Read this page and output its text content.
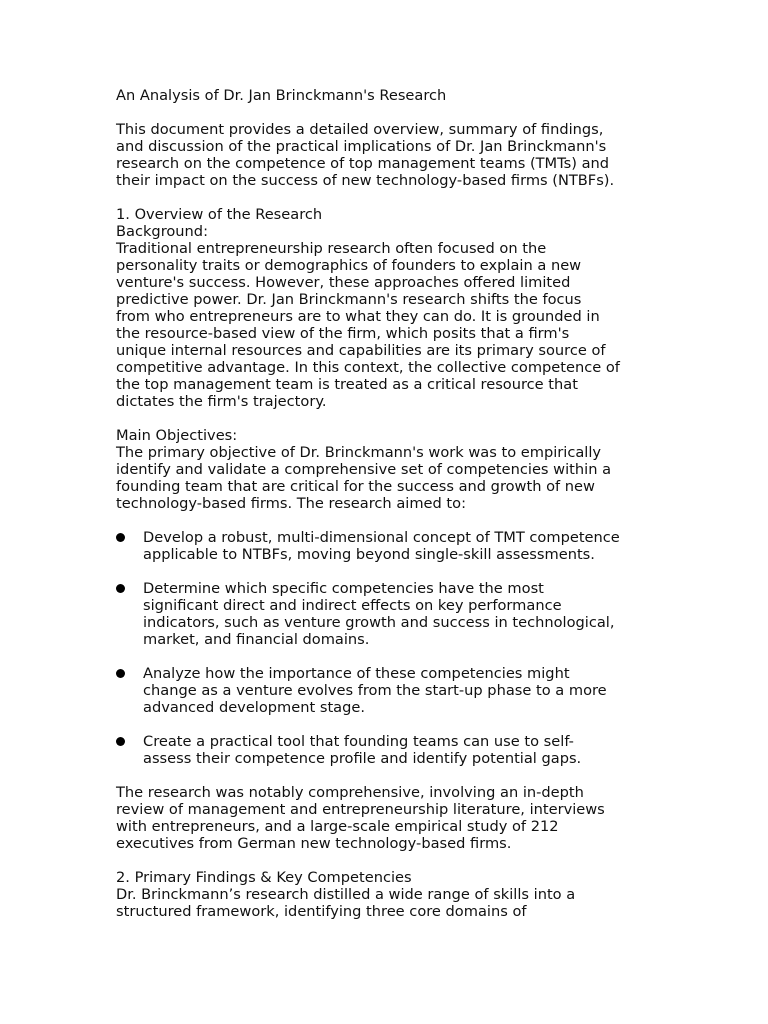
An Analysis of Dr. Jan Brinckmann's Research
This document provides a detailed overview, summary of findings,
and discussion of the practical implications of Dr. Jan Brinckmann's
research on the competence of top management teams (TMTs) and
their impact on the success of new technology-based firms (NTBFs).
1. Overview of the Research
Background:
Traditional entrepreneurship research often focused on the
personality traits or demographics of founders to explain a new
venture's success. However, these approaches offered limited
predictive power. Dr. Jan Brinckmann's research shifts the focus
from who entrepreneurs are to what they can do. It is grounded in
the resource-based view of the firm, which posits that a firm's
unique internal resources and capabilities are its primary source of
competitive advantage. In this context, the collective competence of
the top management team is treated as a critical resource that
dictates the firm's trajectory.
Main Objectives:
The primary objective of Dr. Brinckmann's work was to empirically
identify and validate a comprehensive set of competencies within a
founding team that are critical for the success and growth of new
technology-based firms. The research aimed to:
Develop a robust, multi-dimensional concept of TMT competence
applicable to NTBFs, moving beyond single-skill assessments.
Determine which specific competencies have the most
significant direct and indirect effects on key performance
indicators, such as venture growth and success in technological,
market, and financial domains.
Analyze how the importance of these competencies might
change as a venture evolves from the start-up phase to a more
advanced development stage.
Create a practical tool that founding teams can use to self-
assess their competence profile and identify potential gaps.
The research was notably comprehensive, involving an in-depth
review of management and entrepreneurship literature, interviews
with entrepreneurs, and a large-scale empirical study of 212
executives from German new technology-based firms.
2. Primary Findings & Key Competencies
Dr. Brinckmann’s research distilled a wide range of skills into a
structured framework, identifying three core domains of
